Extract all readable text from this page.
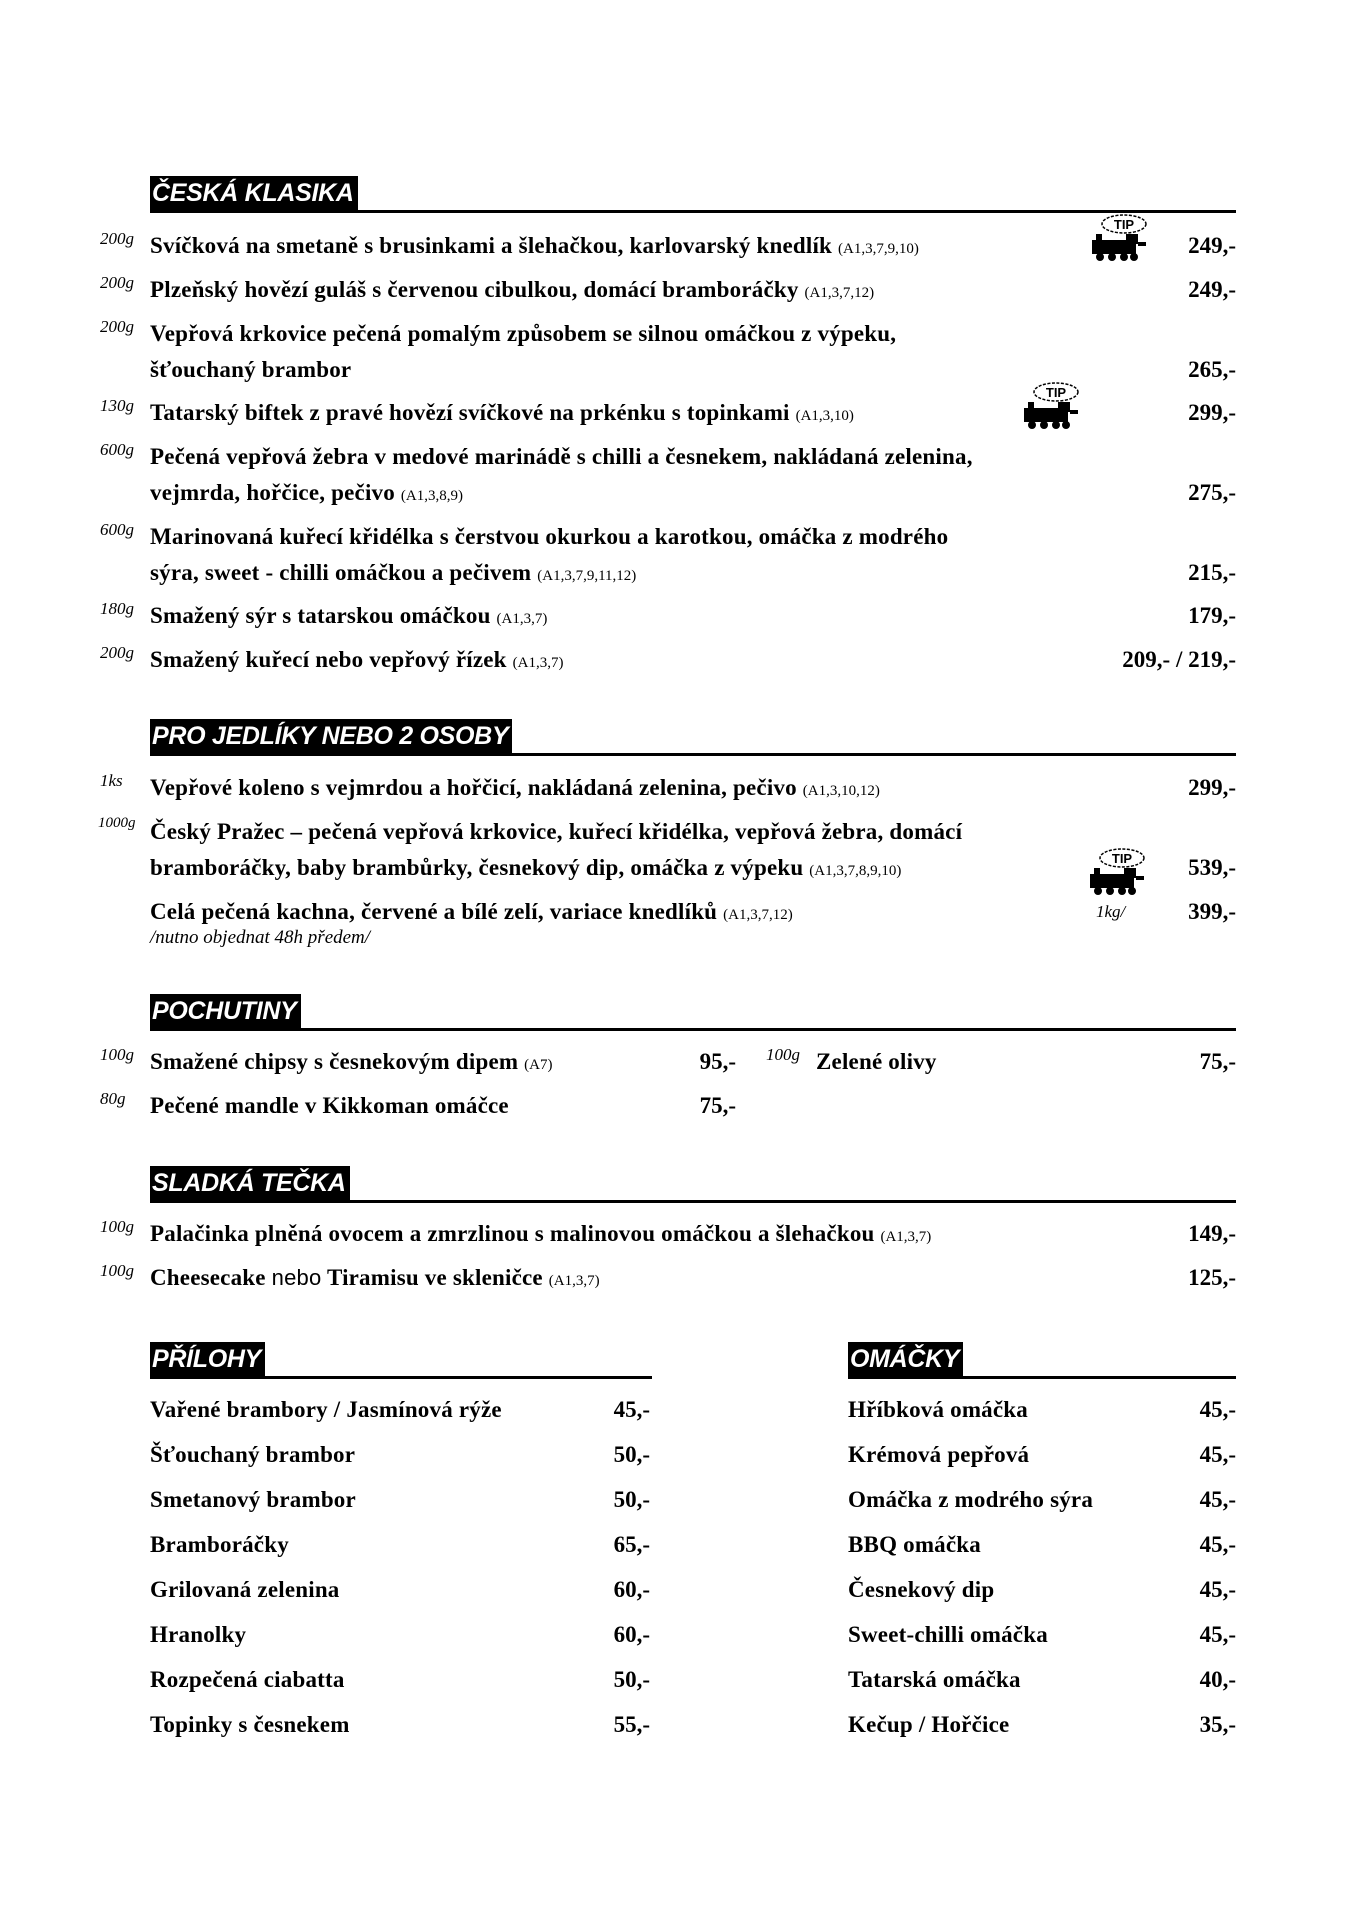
ČESKÁ KLASIKA
200g Svíčková na smetaně s brusinkami a šlehačkou, karlovarský knedlík (A1,3,7,9,10)	249,-
200g Plzeňský hovězí guláš s červenou cibulkou, domácí bramboráčky (A1,3,7,12)	249,-
200g Vepřová krkovice pečená pomalým způsobem se silnou omáčkou z výpeku,
šťouchaný brambor	265,-
130g Tatarský biftek z pravé hovězí svíčkové na prkénku s topinkami (A1,3,10)	299,-
600g Pečená vepřová žebra v medové marinádě s chilli a česnekem, nakládaná zelenina,
vejmrda, hořčice, pečivo (A1,3,8,9)	275,-
600g Marinovaná kuřecí křidélka s čerstvou okurkou a karotkou, omáčka z modrého
sýra, sweet - chilli omáčkou a pečivem (A1,3,7,9,11,12)	215,-
180g Smažený sýr s tatarskou omáčkou (A1,3,7)	179,-
200g Smažený kuřecí nebo vepřový řízek (A1,3,7)	209,- / 219,-
TIP
TIP
PRO JEDLÍKY NEBO 2 OSOBY
1ks Vepřové koleno s vejmrdou a hořčicí, nakládaná zelenina, pečivo (A1,3,10,12)	299,-
1000g Český Pražec – pečená vepřová krkovice, kuřecí křidélka, vepřová žebra, domácí
bramboráčky, baby brambůrky, česnekový dip, omáčka z výpeku (A1,3,7,8,9,10)	539,-
Celá pečená kachna, červené a bílé zelí, variace knedlíků (A1,3,7,12)	1kg/	399,-
/nutno objednat 48h předem/
TIP
POCHUTINY
100g Smažené chipsy s česnekovým dipem (A7)	95,-
80g Pečené mandle v Kikkoman omáčce	75,-
100g Zelené olivy	75,-
SLADKÁ TEČKA
100g Palačinka plněná ovocem a zmrzlinou s malinovou omáčkou a šlehačkou (A1,3,7)	149,-
100g Cheesecake nebo Tiramisu ve skleničce (A1,3,7)	125,-
PŘÍLOHY
Vařené brambory / Jasmínová rýže	45,-
Šťouchaný brambor	50,-
Smetanový brambor	50,-
Bramboráčky	65,-
Grilovaná zelenina	60,-
Hranolky	60,-
Rozpečená ciabatta	50,-
Topinky s česnekem	55,-
OMÁČKY
Hříbková omáčka	45,-
Krémová pepřová	45,-
Omáčka z modrého sýra	45,-
BBQ omáčka	45,-
Česnekový dip	45,-
Sweet-chilli omáčka	45,-
Tatarská omáčka	40,-
Kečup / Hořčice	35,-
